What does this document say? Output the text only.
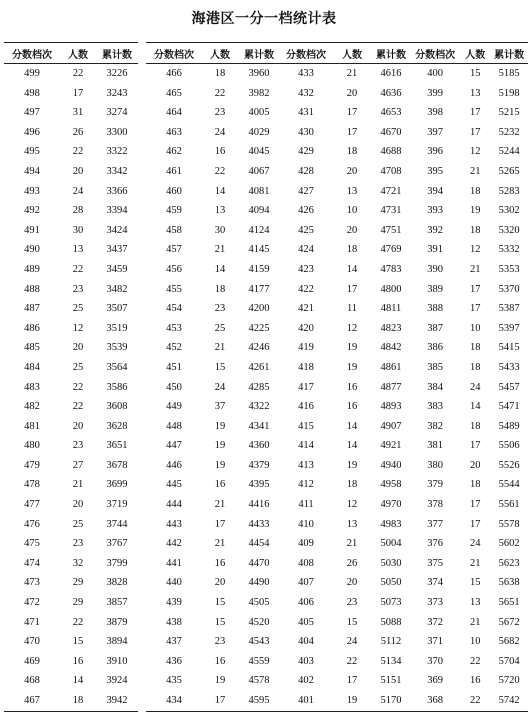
海港区一分一档统计表
分数档次	人数	累计数
499	22	3226
498	17	3243
497	31	3274
496	26	3300
495	22	3322
494	20	3342
493	24	3366
492	28	3394
491	30	3424
490	13	3437
489	22	3459
488	23	3482
487	25	3507
486	12	3519
485	20	3539
484	25	3564
483	22	3586
482	22	3608
481	20	3628
480	23	3651
479	27	3678
478	21	3699
477	20	3719
476	25	3744
475	23	3767
474	32	3799
473	29	3828
472	29	3857
471	22	3879
470	15	3894
469	16	3910
468	14	3924
467	18	3942
分数档次	人数	累计数
466	18	3960
465	22	3982
464	23	4005
463	24	4029
462	16	4045
461	22	4067
460	14	4081
459	13	4094
458	30	4124
457	21	4145
456	14	4159
455	18	4177
454	23	4200
453	25	4225
452	21	4246
451	15	4261
450	24	4285
449	37	4322
448	19	4341
447	19	4360
446	19	4379
445	16	4395
444	21	4416
443	17	4433
442	21	4454
441	16	4470
440	20	4490
439	15	4505
438	15	4520
437	23	4543
436	16	4559
435	19	4578
434	17	4595
分数档次	人数	累计数
433	21	4616
432	20	4636
431	17	4653
430	17	4670
429	18	4688
428	20	4708
427	13	4721
426	10	4731
425	20	4751
424	18	4769
423	14	4783
422	17	4800
421	11	4811
420	12	4823
419	19	4842
418	19	4861
417	16	4877
416	16	4893
415	14	4907
414	14	4921
413	19	4940
412	18	4958
411	12	4970
410	13	4983
409	21	5004
408	26	5030
407	20	5050
406	23	5073
405	15	5088
404	24	5112
403	22	5134
402	17	5151
401	19	5170
分数档次	人数	累计数
400	15	5185
399	13	5198
398	17	5215
397	17	5232
396	12	5244
395	21	5265
394	18	5283
393	19	5302
392	18	5320
391	12	5332
390	21	5353
389	17	5370
388	17	5387
387	10	5397
386	18	5415
385	18	5433
384	24	5457
383	14	5471
382	18	5489
381	17	5506
380	20	5526
379	18	5544
378	17	5561
377	17	5578
376	24	5602
375	21	5623
374	15	5638
373	13	5651
372	21	5672
371	10	5682
370	22	5704
369	16	5720
368	22	5742
